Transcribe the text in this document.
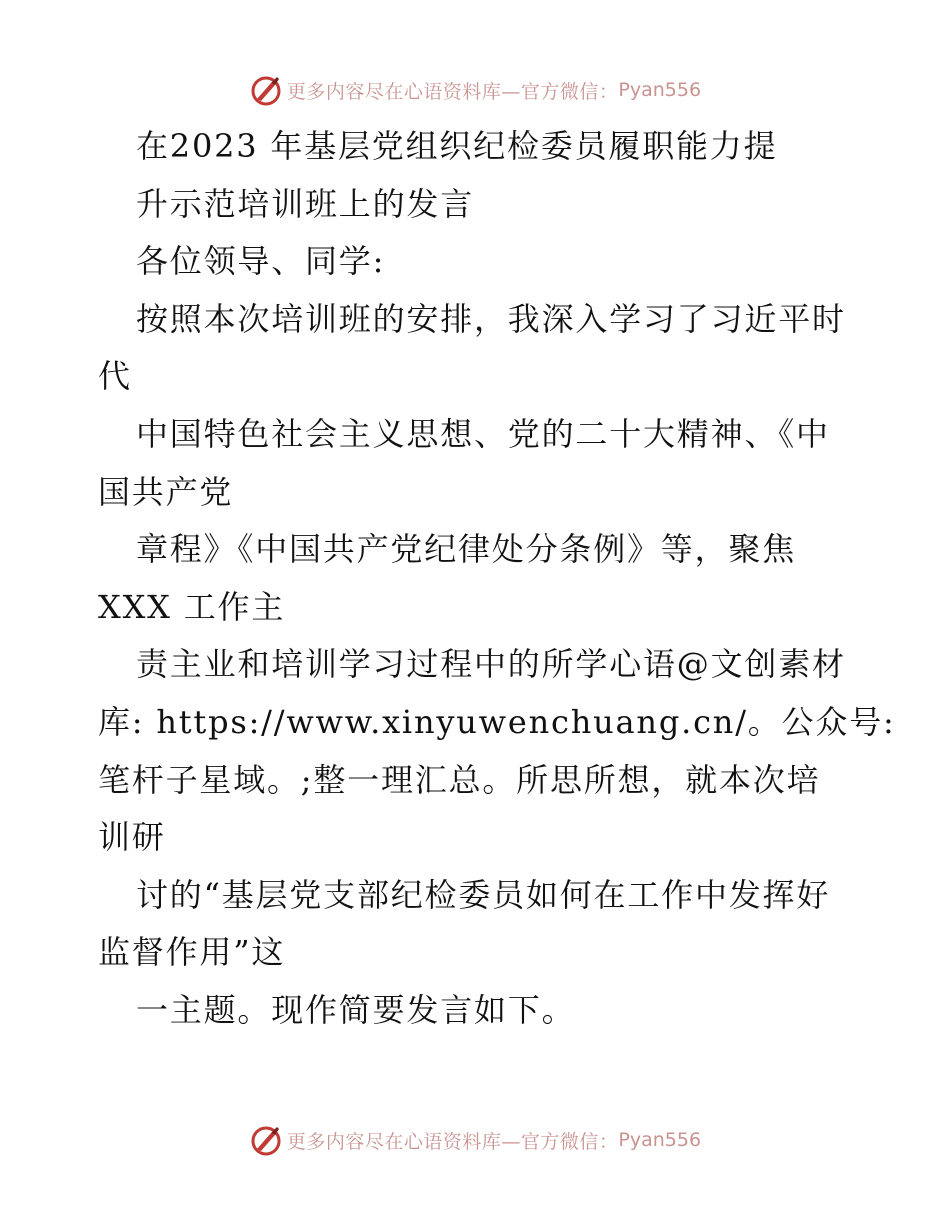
更多内容尽在心语资料库—官方微信： Pyan556
在2023 年基层党组织纪检委员履职能力提
升示范培训班上的发言
各位领导、同学:
按照本次培训班的安排，我深入学习了习近平时
代
中国特色社会主义思想、党的二十大精神、《中
国共产党
章程》《中国共产党纪律处分条例》等，聚焦
XXX 工作主
责主业和培训学习过程中的所学心语@文创素材
库: https://www.xinyuwenchuang.cn/。公众号:
笔杆子星域。;整一理汇总。所思所想，就本次培
训研
讨的“基层党支部纪检委员如何在工作中发挥好
监督作用”这
一主题。现作简要发言如下。
更多内容尽在心语资料库—官方微信： Pyan556
